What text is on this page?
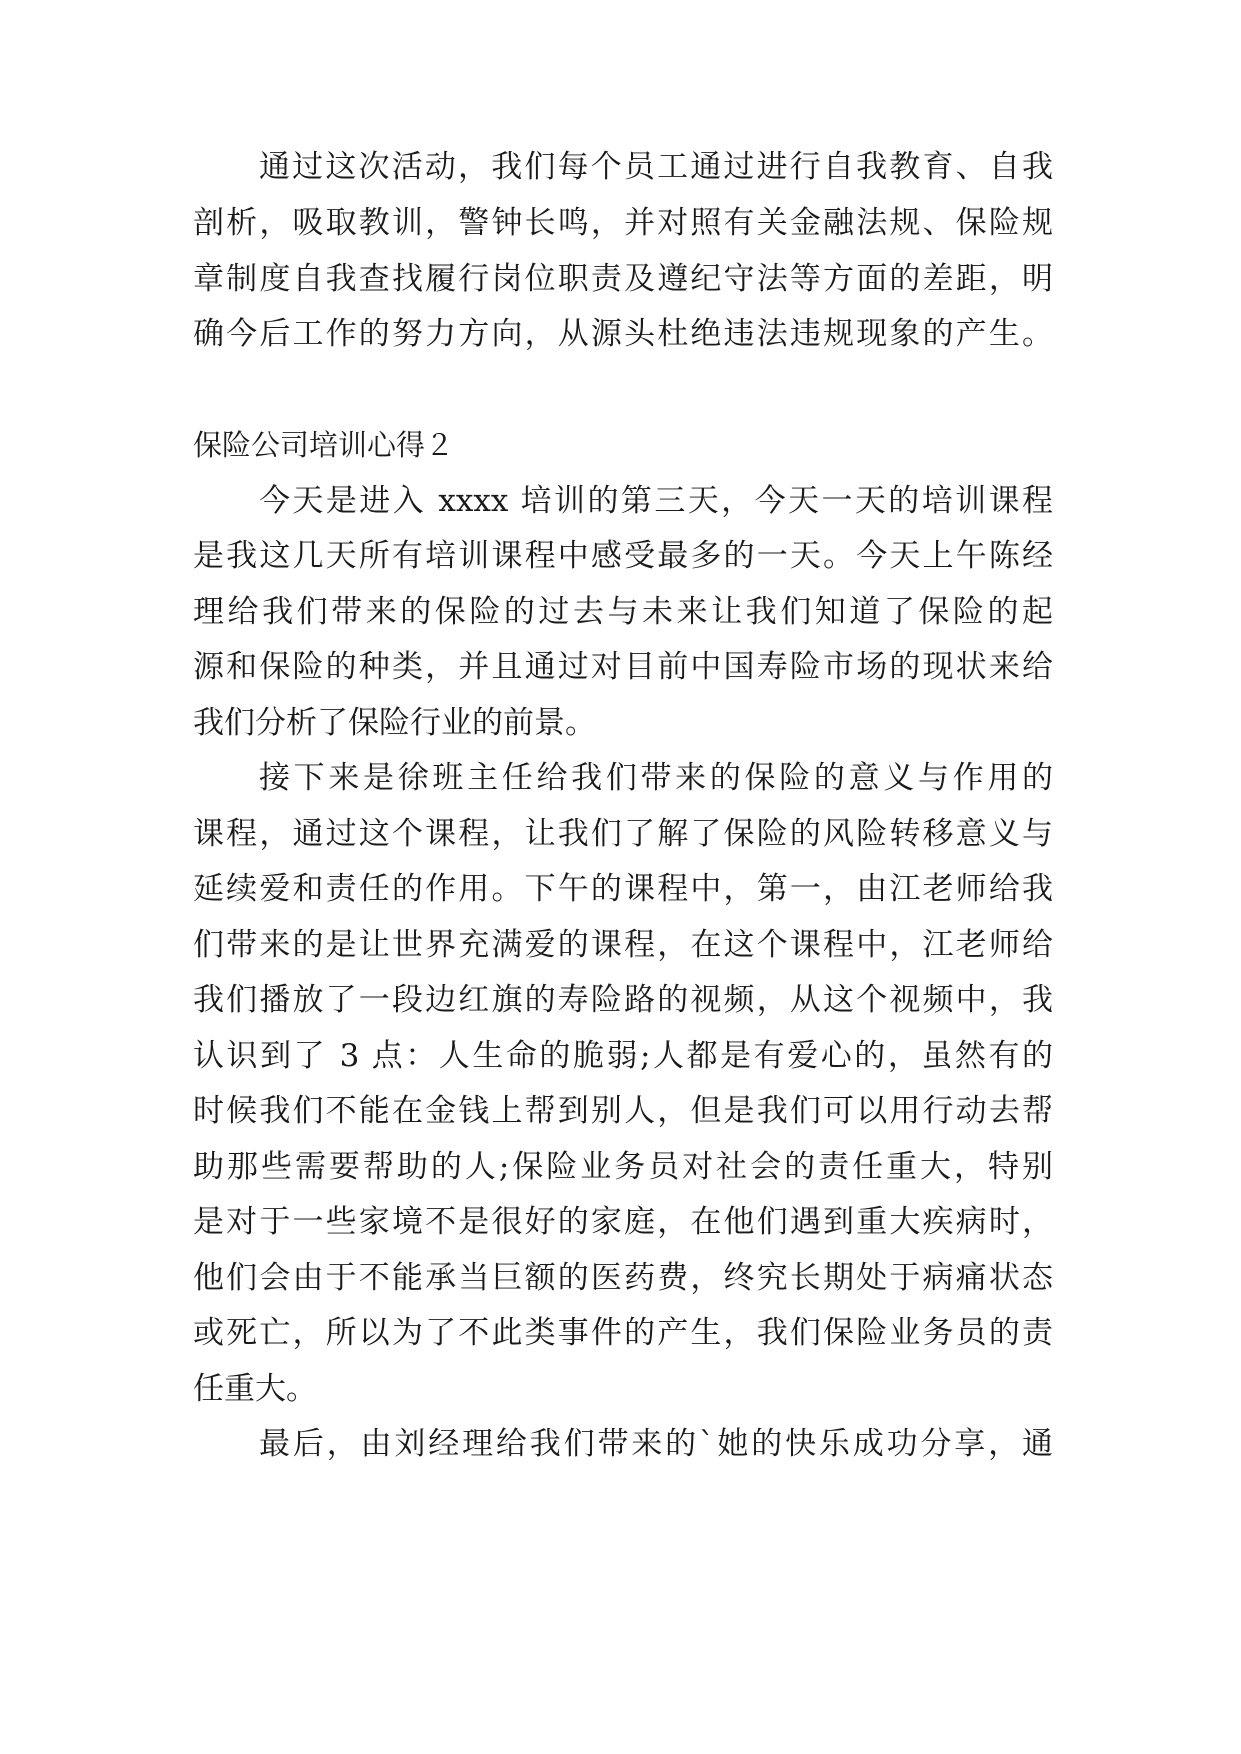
通过这次活动，我们每个员工通过进行自我教育、自我
剖析，吸取教训，警钟长鸣，并对照有关金融法规、保险规
章制度自我查找履行岗位职责及遵纪守法等方面的差距，明
确今后工作的努力方向，从源头杜绝违法违规现象的产生。
保险公司培训心得２
今天是进入 xxxx 培训的第三天，今天一天的培训课程
是我这几天所有培训课程中感受最多的一天。今天上午陈经
理给我们带来的保险的过去与未来让我们知道了保险的起
源和保险的种类，并且通过对目前中国寿险市场的现状来给
我们分析了保险行业的前景。
接下来是徐班主任给我们带来的保险的意义与作用的
课程，通过这个课程，让我们了解了保险的风险转移意义与
延续爱和责任的作用。下午的课程中，第一，由江老师给我
们带来的是让世界充满爱的课程，在这个课程中，江老师给
我们播放了一段边红旗的寿险路的视频，从这个视频中，我
认识到了 3 点：人生命的脆弱;人都是有爱心的，虽然有的
时候我们不能在金钱上帮到别人，但是我们可以用行动去帮
助那些需要帮助的人;保险业务员对社会的责任重大，特别
是对于一些家境不是很好的家庭，在他们遇到重大疾病时，
他们会由于不能承当巨额的医药费，终究长期处于病痛状态
或死亡，所以为了不此类事件的产生，我们保险业务员的责
任重大。
最后，由刘经理给我们带来的`她的快乐成功分享，通
